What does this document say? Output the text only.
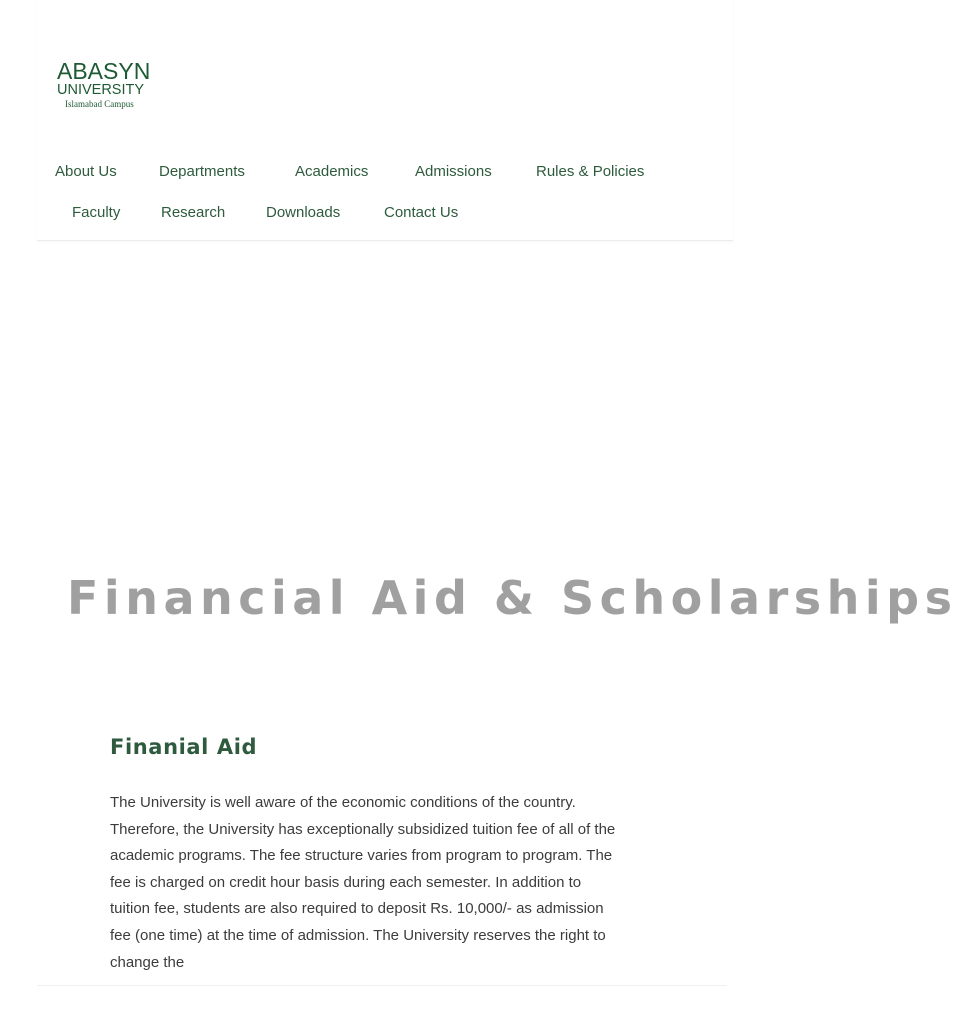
ABASYN
UNIVERSITY
Islamabad Campus
About Us	Departments	Academics	Admissions	Rules & Policies
Faculty	Research	Downloads	Contact Us
Financial Aid & Scholarships
Finanial Aid

The University is well aware of the economic conditions of the country. Therefore, the University has exceptionally subsidized tuition fee of all of the academic programs. The fee structure varies from program to program. The fee is charged on credit hour basis during each semester. In addition to tuition fee, students are also required to deposit Rs. 10,000/- as admission fee (one time) at the time of admission. The University reserves the right to change the
